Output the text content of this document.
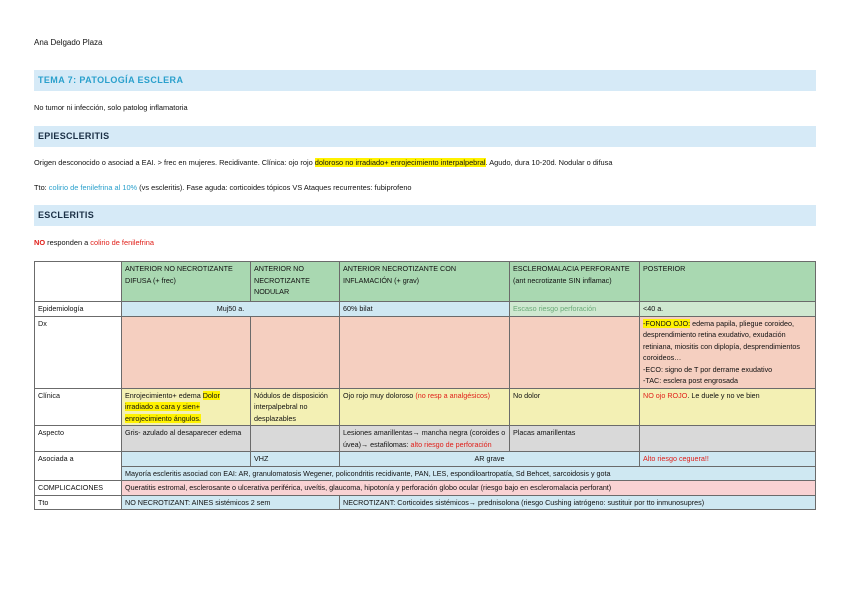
Ana Delgado Plaza
TEMA 7: PATOLOGÍA ESCLERA
No tumor ni infección, solo patolog inflamatoria
EPIESCLERITIS
Origen desconocido o asociad a EAI. > frec en mujeres. Recidivante. Clínica: ojo rojo doloroso no irradiado+ enrojecimiento interpalpebral. Agudo, dura 10-20d. Nodular o difusa
Tto: colirio de fenilefrina al 10% (vs escleritis). Fase aguda: corticoides tópicos VS Ataques recurrentes: fubiprofeno
ESCLERITIS
NO responden a colirio de fenilefrina
	ANTERIOR NO NECROTIZANTE DIFUSA (+ frec)	ANTERIOR NO NECROTIZANTE NODULAR	ANTERIOR NECROTIZANTE CON INFLAMACIÓN (+ grav)	ESCLEROMALACIA PERFORANTE (ant necrotizante SIN inflamac)	POSTERIOR
Epidemiología	Muj50 a.		60% bilat	Escaso riesgo perforación	<40 a.
Dx					-FONDO OJO: edema papila, pliegue coroideo, desprendimiento retina exudativo, exudación retiniana, miositis con diplopía, desprendimientos coroideos…
-ECO: signo de T por derrame exudativo
-TAC: esclera post engrosada
Clínica	Enrojecimiento+ edema Dolor irradiado a cara y sien+ enrojecimiento ángulos.	Nódulos de disposición interpalpebral no desplazables	Ojo rojo muy doloroso (no resp a analgésicos)	No dolor	NO ojo ROJO. Le duele y no ve bien
Aspecto	Gris- azulado al desaparecer edema		Lesiones amarillentas→ mancha negra (coroides o úvea)→ estafilomas: alto riesgo de perforación	Placas amarillentas	
Asociada a		VHZ	AR grave		Alto riesgo ceguera!!
	Mayoría escleritis asociad con EAI: AR, granulomatosis Wegener, policondritis recidivante, PAN, LES, espondiloartropatía, Sd Behcet, sarcoidosis y gota				
COMPLICACIONES	Queratitis estromal, esclerosante o ulcerativa periférica, uveítis, glaucoma, hipotonía y perforación globo ocular (riesgo bajo en escleromalacia perforant)				
Tto	NO NECROTIZANT: AINES sistémicos 2 sem		NECROTIZANT: Corticoides sistémicos→ prednisolona (riesgo Cushing iatrógeno: sustituir por tto inmunosupres)		
